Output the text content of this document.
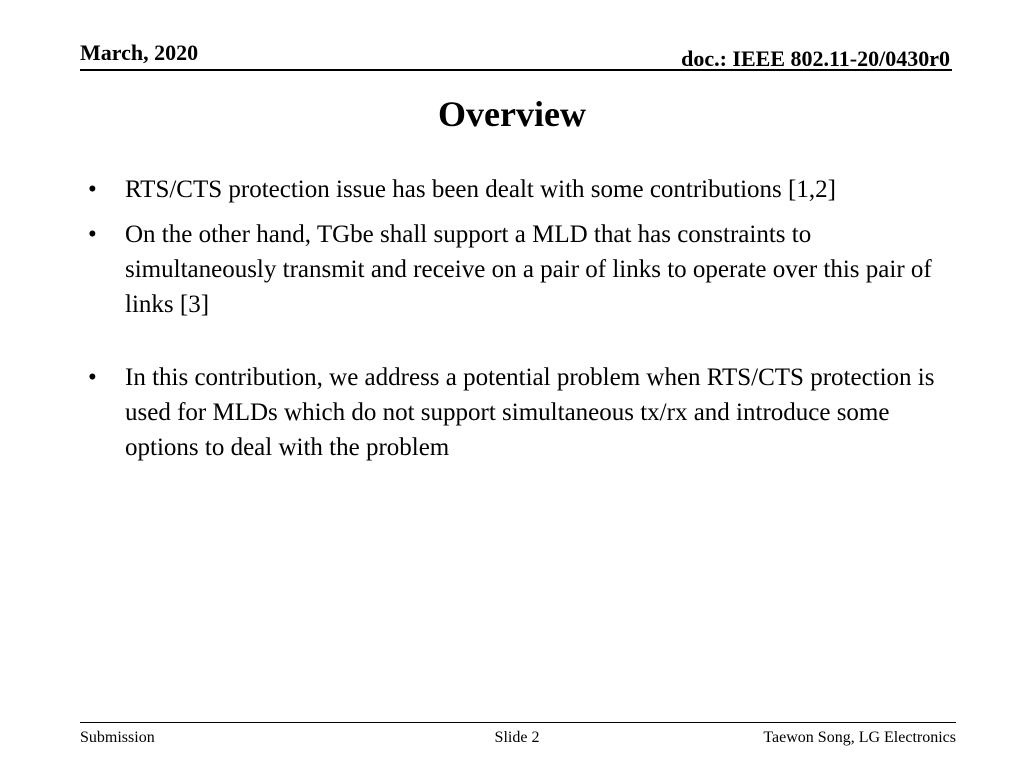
March, 2020	doc.: IEEE 802.11-20/0430r0
Overview
• RTS/CTS protection issue has been dealt with some contributions [1,2]
• On the other hand, TGbe shall support a MLD that has constraints to simultaneously transmit and receive on a pair of links to operate over this pair of links [3]
• In this contribution, we address a potential problem when RTS/CTS protection is used for MLDs which do not support simultaneous tx/rx and introduce some options to deal with the problem
Submission	Slide 2	Taewon Song, LG Electronics
